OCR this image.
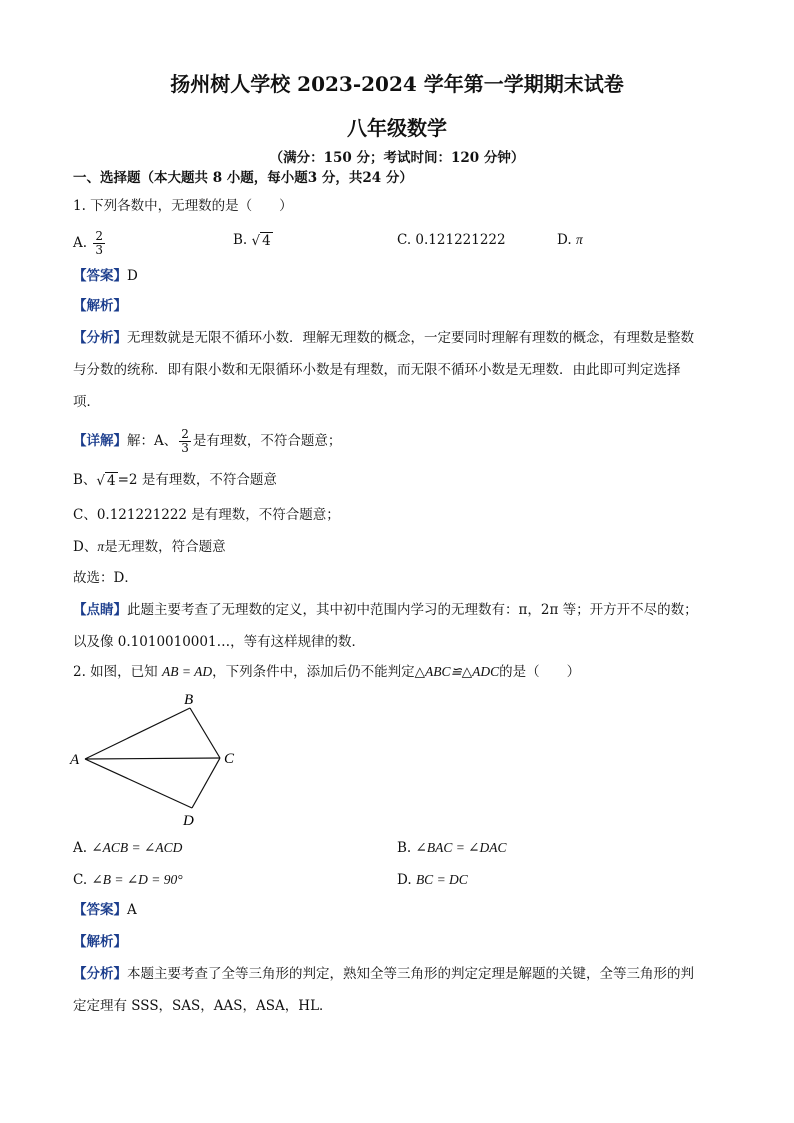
扬州树人学校 2023-2024 学年第一学期期末试卷
八年级数学
（满分：150 分；考试时间：120 分钟）
一、选择题（本大题共 8 小题，每小题3 分，共24 分）
1. 下列各数中，无理数的是（　　）
A. $\frac{2}{3}$	B. √ 4	C. 0.121221222	D. π
【答案】D
【解析】
【分析】无理数就是无限不循环小数．理解无理数的概念，一定要同时理解有理数的概念，有理数是整数
与分数的统称．即有限小数和无限循环小数是有理数，而无限不循环小数是无理数．由此即可判定选择
项．
【详解】解：A、 $\frac{2}{3}$ 是有理数，不符合题意；
B、√ 4 =2 是有理数，不符合题意
C、0.121221222 是有理数，不符合题意；
D、π是无理数，符合题意
故选：D．
【点睛】此题主要考查了无理数的定义，其中初中范围内学习的无理数有：π，2π 等；开方开不尽的数；
以及像 0.1010010001…，等有这样规律的数．
2. 如图，已知 AB = AD，下列条件中，添加后仍不能判定△ABC≌△ADC的是（　　）
A
B
C
D
A. ∠ACB = ∠ACD	B. ∠BAC = ∠DAC
C. ∠B = ∠D = 90°	D. BC = DC
【答案】A
【解析】
【分析】本题主要考查了全等三角形的判定，熟知全等三角形的判定定理是解题的关键，全等三角形的判
定定理有 SSS，SAS，AAS，ASA，HL．
